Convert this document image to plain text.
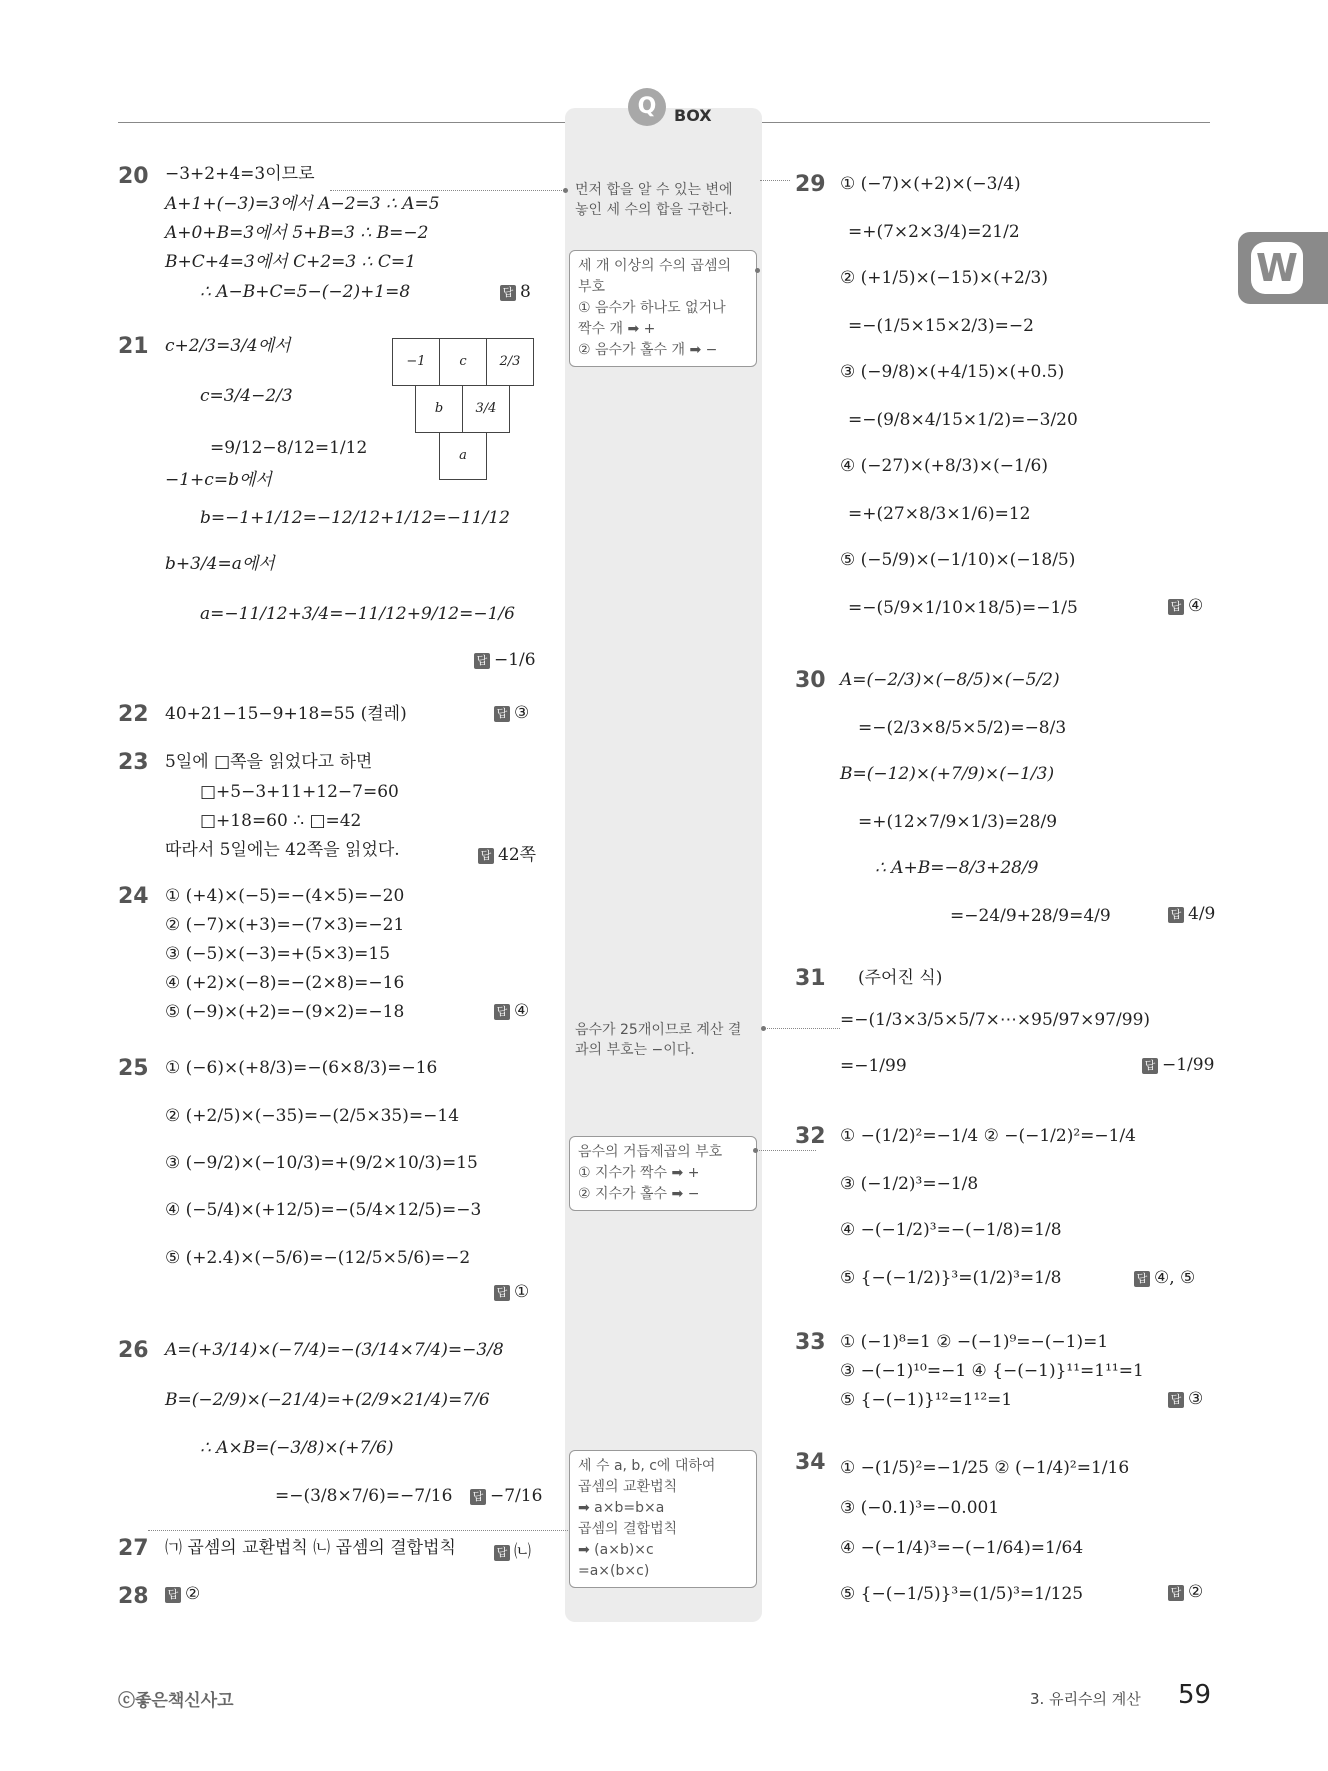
Q	BOX
W
20 −3+2+4=3이므로
A+1+(−3)=3에서 A−2=3 ∴ A=5
A+0+B=3에서 5+B=3 ∴ B=−2
B+C+4=3에서 C+2=3 ∴ C=1
∴ A−B+C=5−(−2)+1=8	답 8
21 c+2/3=3/4에서
c=3/4−2/3
=9/12−8/12=1/12
−1+c=b에서
b=−1+1/12=−12/12+1/12=−11/12
b+3/4=a에서
a=−11/12+3/4=−11/12+9/12=−1/6
답 −1/6
−1	c	2/3
b	3/4
a
22 40+21−15−9+18=55 (켤레)	답 ③
23 5일에 □쪽을 읽었다고 하면
□+5−3+11+12−7=60
□+18=60 ∴ □=42
따라서 5일에는 42쪽을 읽었다.	답 42쪽
24 ① (+4)×(−5)=−(4×5)=−20
② (−7)×(+3)=−(7×3)=−21
③ (−5)×(−3)=+(5×3)=15
④ (+2)×(−8)=−(2×8)=−16
⑤ (−9)×(+2)=−(9×2)=−18	답 ④
25 ① (−6)×(+8/3)=−(6×8/3)=−16
② (+2/5)×(−35)=−(2/5×35)=−14
③ (−9/2)×(−10/3)=+(9/2×10/3)=15
④ (−5/4)×(+12/5)=−(5/4×12/5)=−3
⑤ (+2.4)×(−5/6)=−(12/5×5/6)=−2
답 ①
26 A=(+3/14)×(−7/4)=−(3/14×7/4)=−3/8
B=(−2/9)×(−21/4)=+(2/9×21/4)=7/6
∴ A×B=(−3/8)×(+7/6)
=−(3/8×7/6)=−7/16 답 −7/16
27 ㈀ 곱셈의 교환법칙 ㈁ 곱셈의 결합법칙	답 ㈁
28 답 ②
먼저 합을 알 수 있는 변에
놓인 세 수의 합을 구한다.
세 개 이상의 수의 곱셈의
부호
① 음수가 하나도 없거나
짝수 개 ➡ +
② 음수가 홀수 개 ➡ −
음수가 25개이므로 계산 결
과의 부호는 −이다.
음수의 거듭제곱의 부호
① 지수가 짝수 ➡ +
② 지수가 홀수 ➡ −
세 수 a, b, c에 대하여
곱셈의 교환법칙
➡ a×b=b×a
곱셈의 결합법칙
➡ (a×b)×c
=a×(b×c)
29 ① (−7)×(+2)×(−3/4)
=+(7×2×3/4)=21/2
② (+1/5)×(−15)×(+2/3)
=−(1/5×15×2/3)=−2
③ (−9/8)×(+4/15)×(+0.5)
=−(9/8×4/15×1/2)=−3/20
④ (−27)×(+8/3)×(−1/6)
=+(27×8/3×1/6)=12
⑤ (−5/9)×(−1/10)×(−18/5)
=−(5/9×1/10×18/5)=−1/5	답 ④
30 A=(−2/3)×(−8/5)×(−5/2)
=−(2/3×8/5×5/2)=−8/3
B=(−12)×(+7/9)×(−1/3)
=+(12×7/9×1/3)=28/9
∴ A+B=−8/3+28/9
=−24/9+28/9=4/9	답 4/9
31 (주어진 식)
=−(1/3×3/5×5/7×⋯×95/97×97/99)
=−1/99	답 −1/99
32 ① −(1/2)²=−1/4 ② −(−1/2)²=−1/4
③ (−1/2)³=−1/8
④ −(−1/2)³=−(−1/8)=1/8
⑤ {−(−1/2)}³=(1/2)³=1/8	답 ④, ⑤
33 ① (−1)⁸=1 ② −(−1)⁹=−(−1)=1
③ −(−1)¹⁰=−1 ④ {−(−1)}¹¹=1¹¹=1
⑤ {−(−1)}¹²=1¹²=1	답 ③
34 ① −(1/5)²=−1/25 ② (−1/4)²=1/16
③ (−0.1)³=−0.001
④ −(−1/4)³=−(−1/64)=1/64
⑤ {−(−1/5)}³=(1/5)³=1/125	답 ②
ⓒ좋은책신사고	3. 유리수의 계산 59
